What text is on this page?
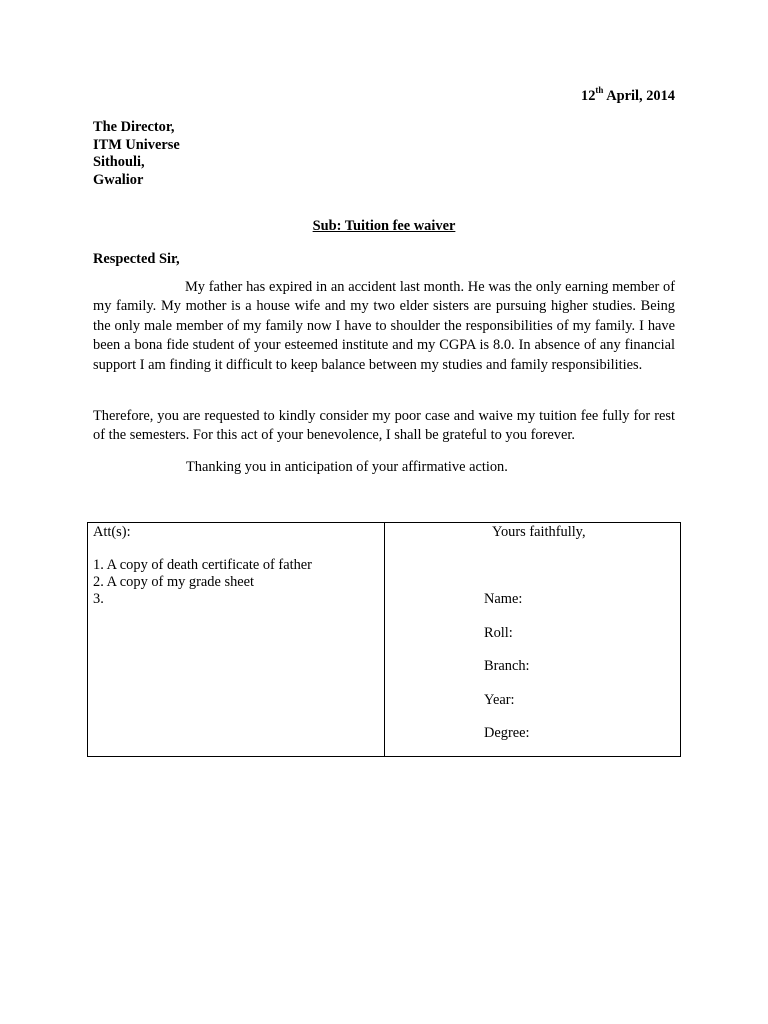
12th April, 2014
The Director,
ITM Universe
Sithouli,
Gwalior
Sub: Tuition fee waiver
Respected Sir,
My father has expired in an accident last month. He was the only earning member of my family. My mother is a house wife and my two elder sisters are pursuing higher studies. Being the only male member of my family now I have to shoulder the responsibilities of my family. I have been a bona fide student of your esteemed institute and my CGPA is 8.0. In absence of any financial support I am finding it difficult to keep balance between my studies and family responsibilities.
Therefore, you are requested to kindly consider my poor case and waive my tuition fee fully for rest of the semesters. For this act of your benevolence, I shall be grateful to you forever.
Thanking you in anticipation of your affirmative action.
Att(s):
1. A copy of death certificate of father
2. A copy of my grade sheet
3.
Yours faithfully,
Name:
Roll:
Branch:
Year:
Degree:
